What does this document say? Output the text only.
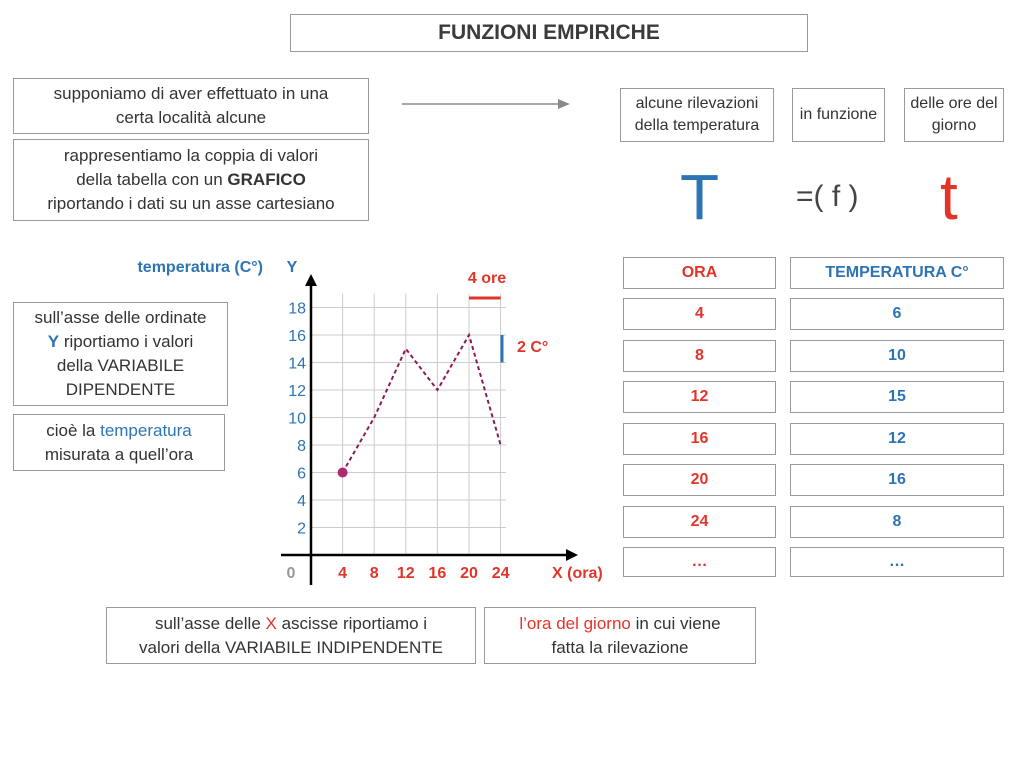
FUNZIONI EMPIRICHE
supponiamo di aver effettuato in una
certa località alcune
alcune rilevazioni della temperatura
in funzione
delle ore del giorno
T	=( f ) t
rappresentiamo la coppia di valori
della tabella con un GRAFICO
riportando i dati su un asse cartesiano
sull’asse delle ordinate
Y riportiamo i valori
della VARIABILE
DIPENDENTE
cioè la temperatura
misurata a quell’ora
4 8 12 16 20 24
2
4
6
8
10
12
14
16
18
0	X (ora)
temperatura (C°) Y
4 ore
2 C°
ORA	TEMPERATURA C°
4	6
8	10
12	15
16	12
20	16
24	8
…	…
sull’asse delle X ascisse riportiamo i
valori della VARIABILE INDIPENDENTE
l’ora del giorno in cui viene
fatta la rilevazione
